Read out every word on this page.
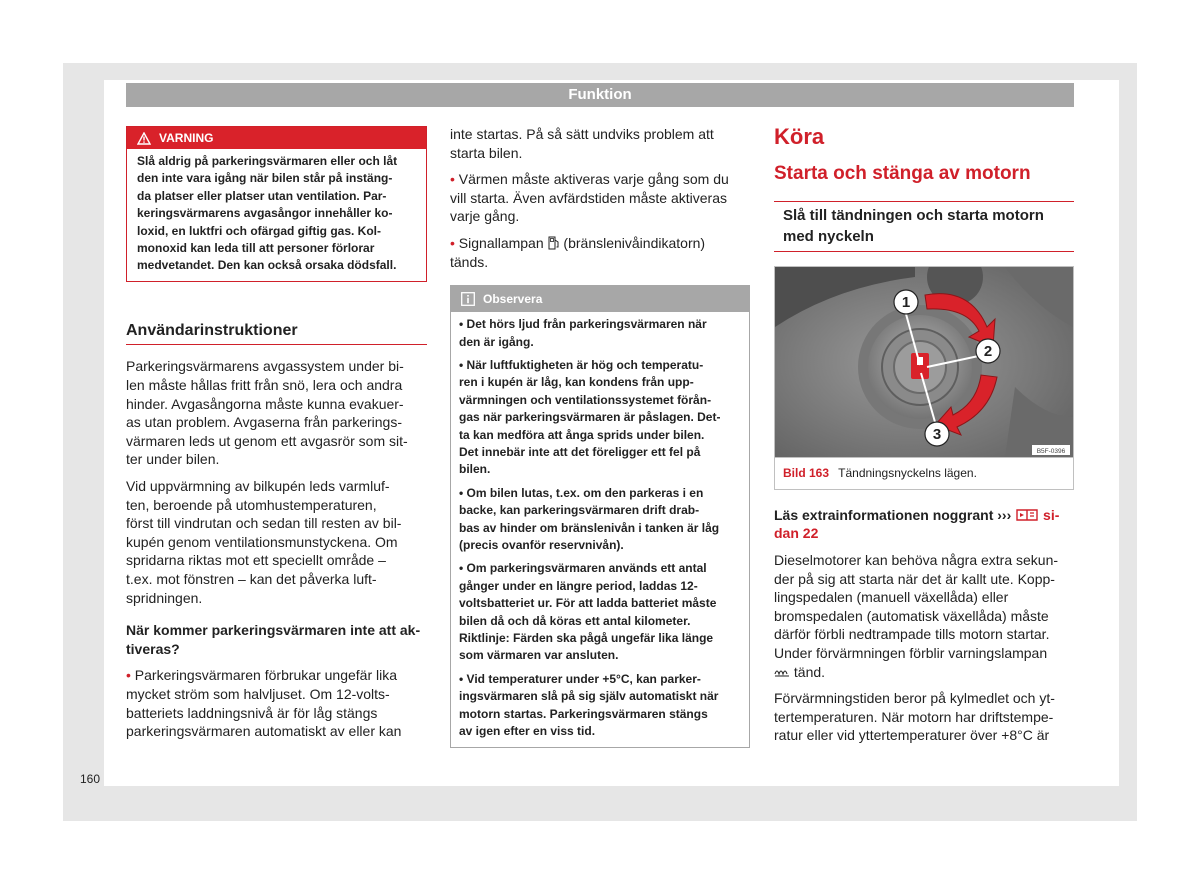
Funktion
VARNING
Slå aldrig på parkeringsvärmaren eller och låt
den inte vara igång när bilen står på instäng-
da platser eller platser utan ventilation. Par-
keringsvärmarens avgasångor innehåller ko-
loxid, en luktfri och ofärgad giftig gas. Kol-
monoxid kan leda till att personer förlorar
medvetandet. Den kan också orsaka dödsfall.
Användarinstruktioner

Parkeringsvärmarens avgassystem under bi-
len måste hållas fritt från snö, lera och andra
hinder. Avgasångorna måste kunna evakuer-
as utan problem. Avgaserna från parkerings-
värmaren leds ut genom ett avgasrör som sit-
ter under bilen.

Vid uppvärmning av bilkupén leds varmluf-
ten, beroende på utomhustemperaturen,
först till vindrutan och sedan till resten av bil-
kupén genom ventilationsmunstyckena. Om
spridarna riktas mot ett speciellt område –
t.ex. mot fönstren – kan det påverka luft-
spridningen.

När kommer parkeringsvärmaren inte att ak-
tiveras?

• Parkeringsvärmaren förbrukar ungefär lika
mycket ström som halvljuset. Om 12-volts-
batteriets laddningsnivå är för låg stängs
parkeringsvärmaren automatiskt av eller kan

inte startas. På så sätt undviks problem att
starta bilen.

• Värmen måste aktiveras varje gång som du
vill starta. Även avfärdstiden måste aktiveras
varje gång.

• Signallampan (bränslenivåindikatorn)
tänds.

Observera

• Det hörs ljud från parkeringsvärmaren när
den är igång.

• När luftfuktigheten är hög och temperatu-
ren i kupén är låg, kan kondens från upp-
värmningen och ventilationssystemet förån-
gas när parkeringsvärmaren är påslagen. Det-
ta kan medföra att ånga sprids under bilen.
Det innebär inte att det föreligger ett fel på
bilen.

• Om bilen lutas, t.ex. om den parkeras i en
backe, kan parkeringsvärmaren drift drab-
bas av hinder om bränslenivån i tanken är låg
(precis ovanför reservnivån).

• Om parkeringsvärmaren används ett antal
gånger under en längre period, laddas 12-
voltsbatteriet ur. För att ladda batteriet måste
bilen då och då köras ett antal kilometer.
Riktlinje: Färden ska pågå ungefär lika länge
som värmaren var ansluten.

• Vid temperaturer under +5°C, kan parker-
ingsvärmaren slå på sig själv automatiskt när
motorn startas. Parkeringsvärmaren stängs
av igen efter en viss tid.

Köra
Starta och stänga av motorn
Slå till tändningen och starta motorn
med nyckeln
1
2
3
B5F-0396
Bild 163 Tändningsnyckelns lägen.

Läs extrainformationen noggrant ››› si-
dan 22

Dieselmotorer kan behöva några extra sekun-
der på sig att starta när det är kallt ute. Kopp-
lingspedalen (manuell växellåda) eller
bromspedalen (automatisk växellåda) måste
därför förbli nedtrampade tills motorn startar.
Under förvärmningen förblir varningslampan
tänd.

Förvärmningstiden beror på kylmedlet och yt-
tertemperaturen. När motorn har driftstempe-
ratur eller vid yttertemperaturer över +8°C är

160
